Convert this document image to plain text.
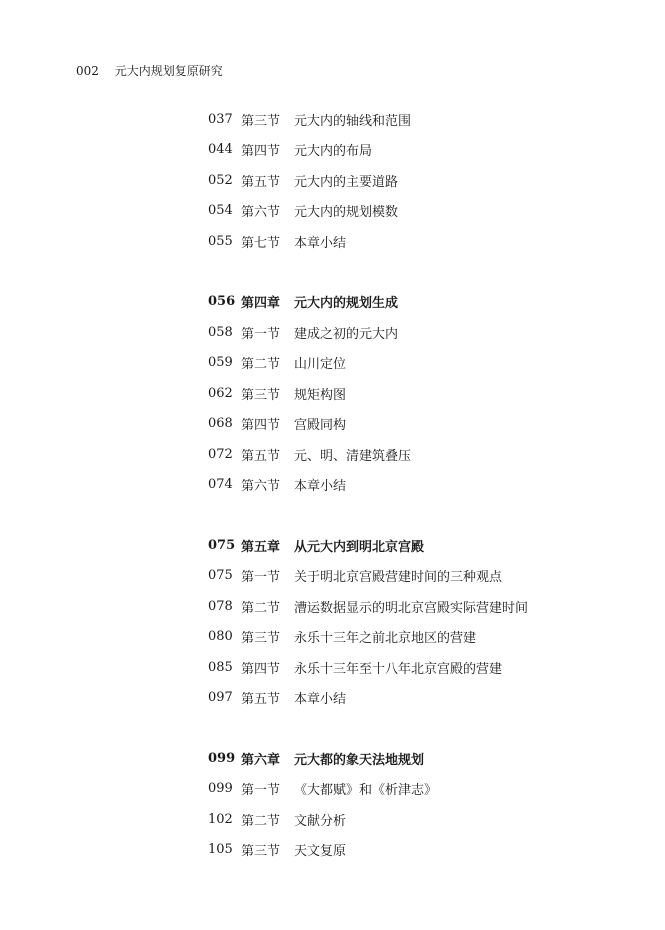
002 元大内规划复原研究
037 第三节	元大内的轴线和范围
044 第四节	元大内的布局
052 第五节	元大内的主要道路
054 第六节	元大内的规划模数
055 第七节	本章小结
056 第四章	元大内的规划生成
058 第一节	建成之初的元大内
059 第二节	山川定位
062 第三节	规矩构图
068 第四节	宫殿同构
072 第五节	元、明、清建筑叠压
074 第六节	本章小结
075 第五章	从元大内到明北京宫殿
075 第一节	关于明北京宫殿营建时间的三种观点
078 第二节	漕运数据显示的明北京宫殿实际营建时间
080 第三节	永乐十三年之前北京地区的营建
085 第四节	永乐十三年至十八年北京宫殿的营建
097 第五节	本章小结
099 第六章	元大都的象天法地规划
099 第一节	《大都赋》和《析津志》
102 第二节	文献分析
105 第三节	天文复原
